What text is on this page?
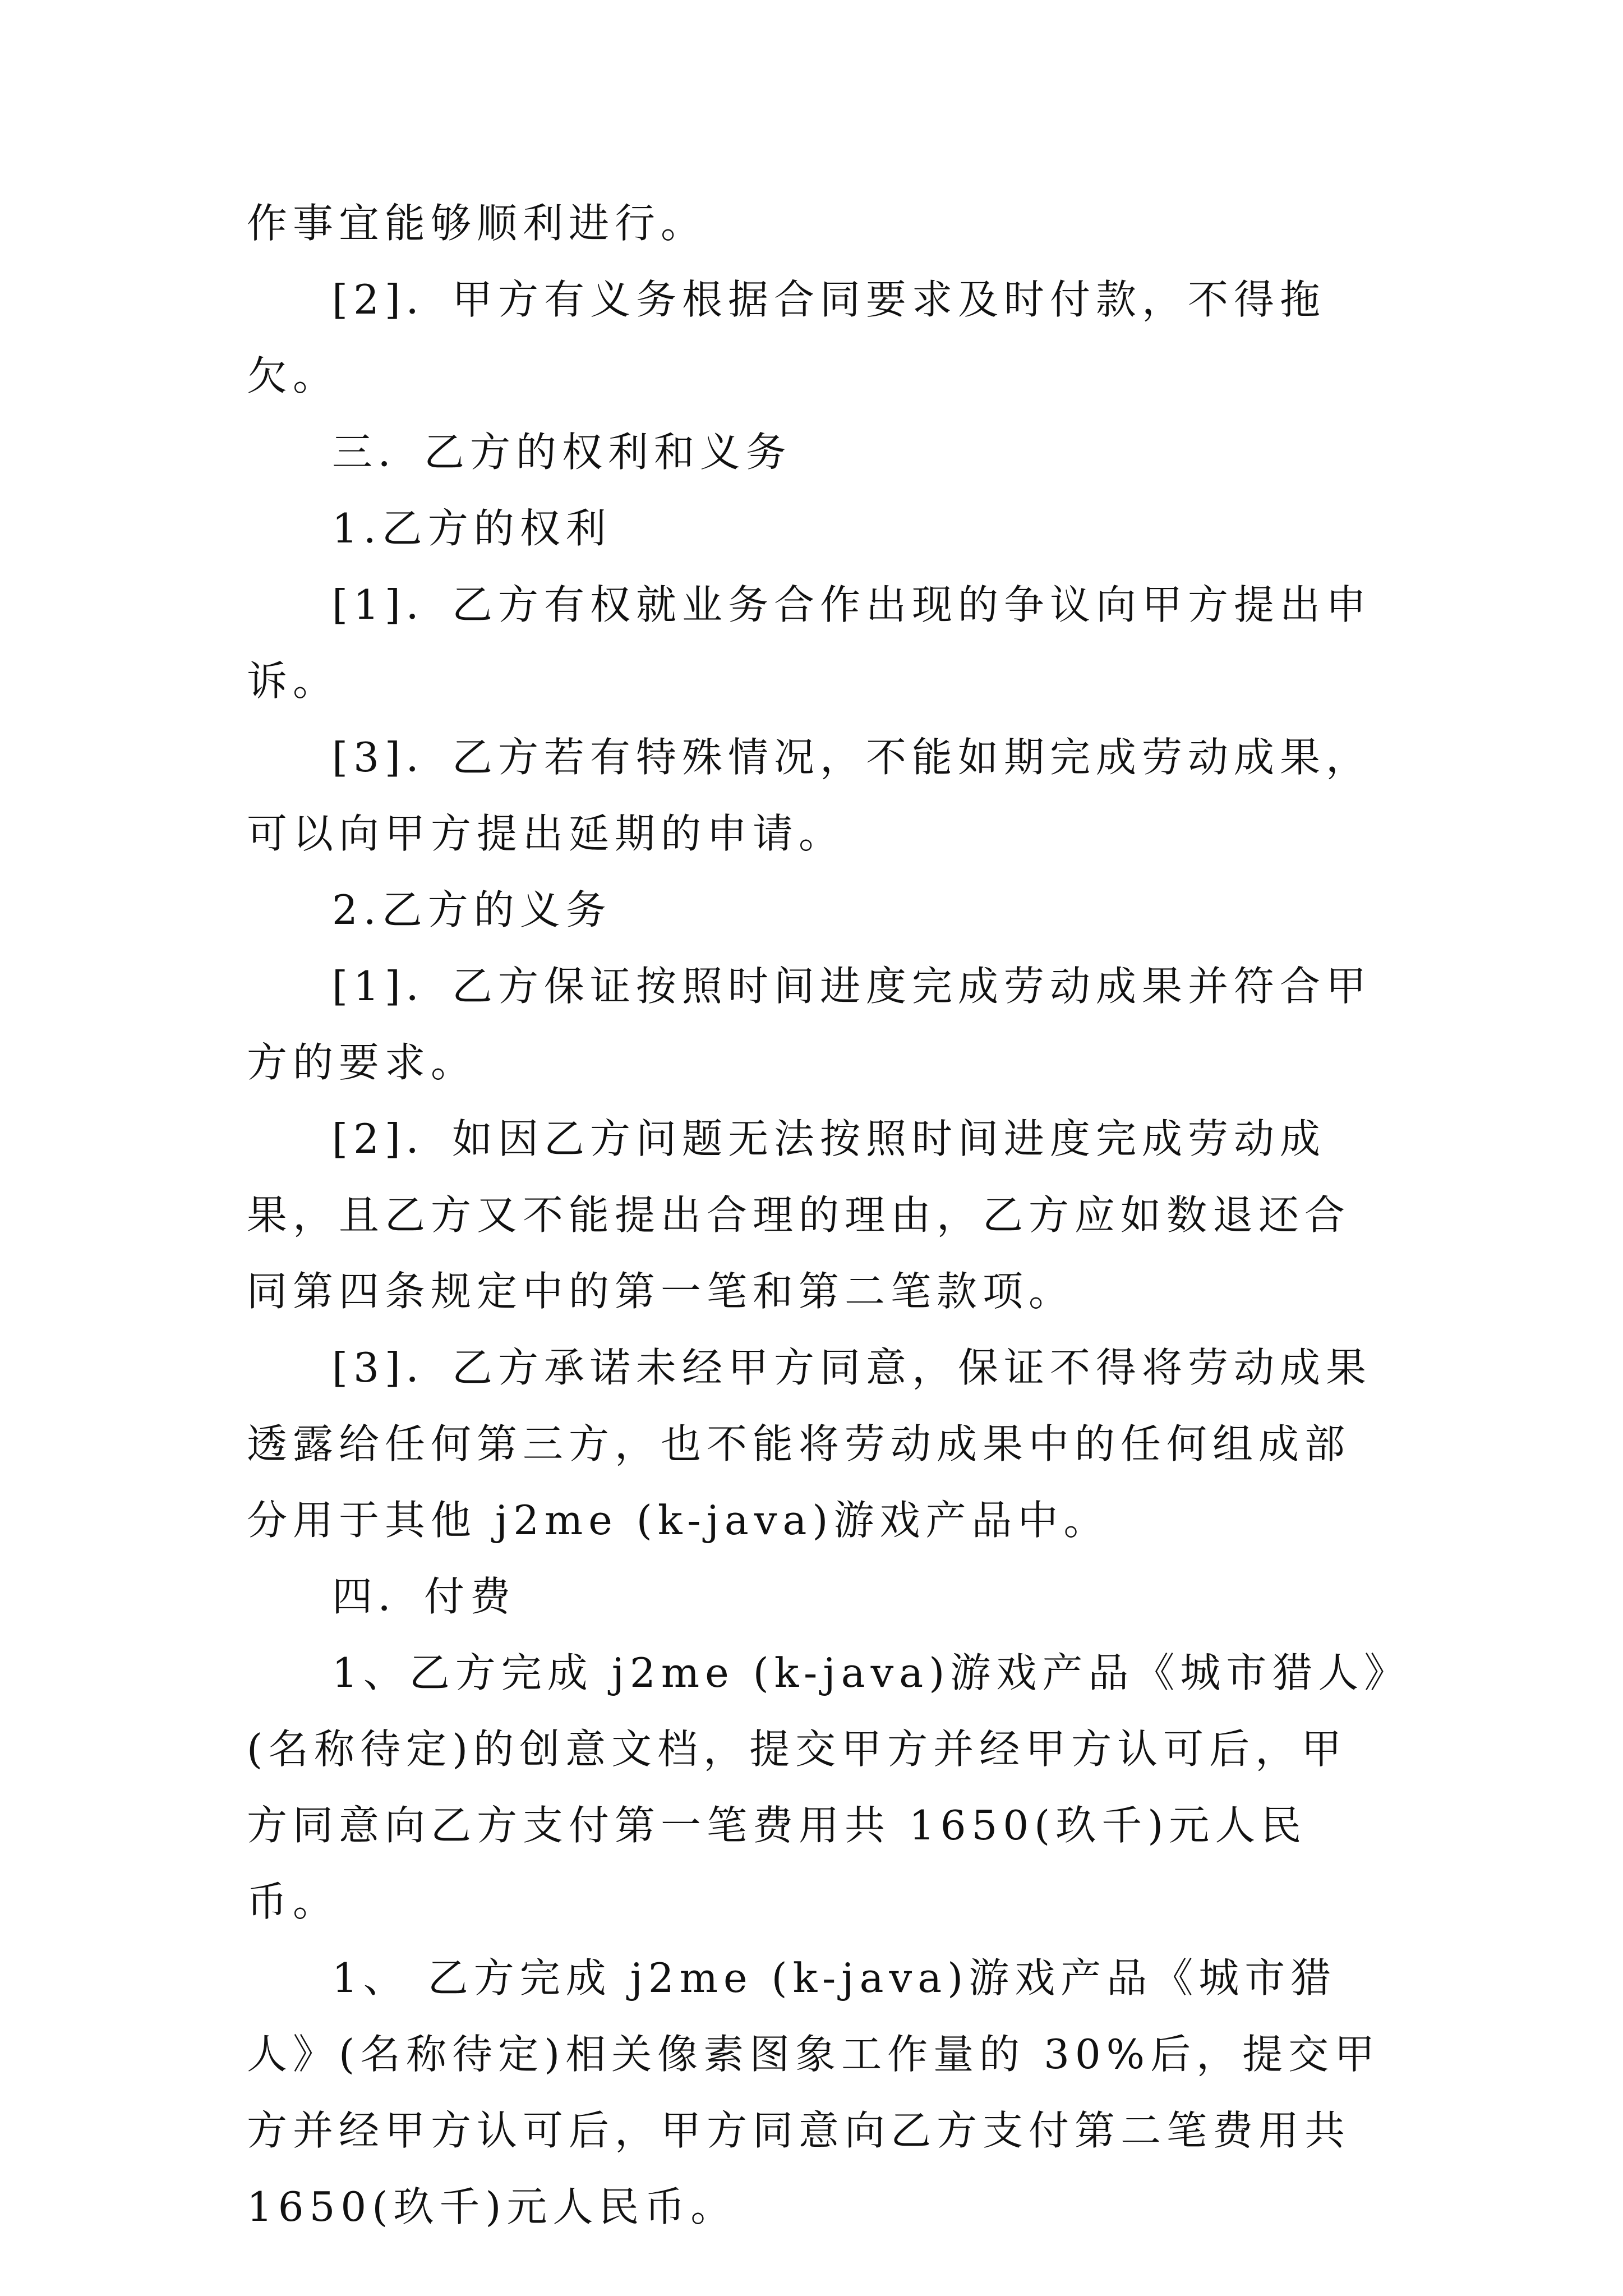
作事宜能够顺利进行。

[2]．甲方有义务根据合同要求及时付款，不得拖欠。

三．乙方的权利和义务

1.乙方的权利

[1]．乙方有权就业务合作出现的争议向甲方提出申诉。

[3]．乙方若有特殊情况，不能如期完成劳动成果，可以向甲方提出延期的申请。

2.乙方的义务

[1]．乙方保证按照时间进度完成劳动成果并符合甲方的要求。

[2]．如因乙方问题无法按照时间进度完成劳动成果，且乙方又不能提出合理的理由，乙方应如数退还合同第四条规定中的第一笔和第二笔款项。

[3]．乙方承诺未经甲方同意，保证不得将劳动成果透露给任何第三方，也不能将劳动成果中的任何组成部分用于其他 j2me (k-java)游戏产品中。

四．付费

1、乙方完成 j2me (k-java)游戏产品《城市猎人》(名称待定)的创意文档，提交甲方并经甲方认可后，甲方同意向乙方支付第一笔费用共 1650(玖千)元人民币。

1、 乙方完成 j2me (k-java)游戏产品《城市猎人》(名称待定)相关像素图象工作量的 30%后，提交甲方并经甲方认可后，甲方同意向乙方支付第二笔费用共 1650(玖千)元人民币。
